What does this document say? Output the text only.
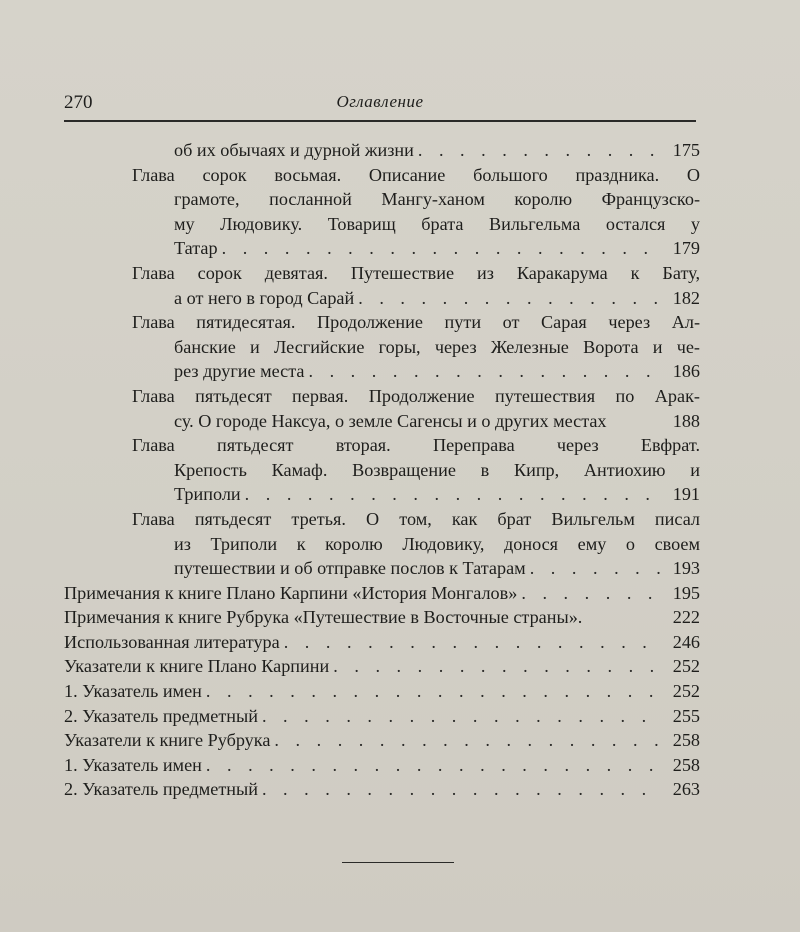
270	Оглавление
об их обычаях и дурной жизни . . .	175
Глава сорок восьмая. Описание большого праздника. О
грамоте, посланной Мангу-ханом королю Французско-
му Людовику. Товарищ брата Вильгельма остался у
Татар . . .	179
Глава сорок девятая. Путешествие из Каракарума к Бату,
а от него в город Сарай . . .	182
Глава пятидесятая. Продолжение пути от Сарая через Ал-
банские и Лесгийские горы, через Железные Ворота и че-
рез другие места . . .	186
Глава пятьдесят первая. Продолжение путешествия по Арак-
су. О городе Наксуа, о земле Сагенсы и о других местах	188
Глава пятьдесят вторая. Переправа через Евфрат.
Крепость Камаф. Возвращение в Кипр, Антиохию и
Триполи . . .	191
Глава пятьдесят третья. О том, как брат Вильгельм писал
из Триполи к королю Людовику, донося ему о своем
путешествии и об отправке послов к Татарам . . .	193
Примечания к книге Плано Карпини «История Монгалов» . . .	195
Примечания к книге Рубрука «Путешествие в Восточные страны».	222
Использованная литература . . .	246
Указатели к книге Плано Карпини . . .	252
1. Указатель имен . . .	252
2. Указатель предметный . . .	255
Указатели к книге Рубрука . . .	258
1. Указатель имен . . .	258
2. Указатель предметный . . .	263
